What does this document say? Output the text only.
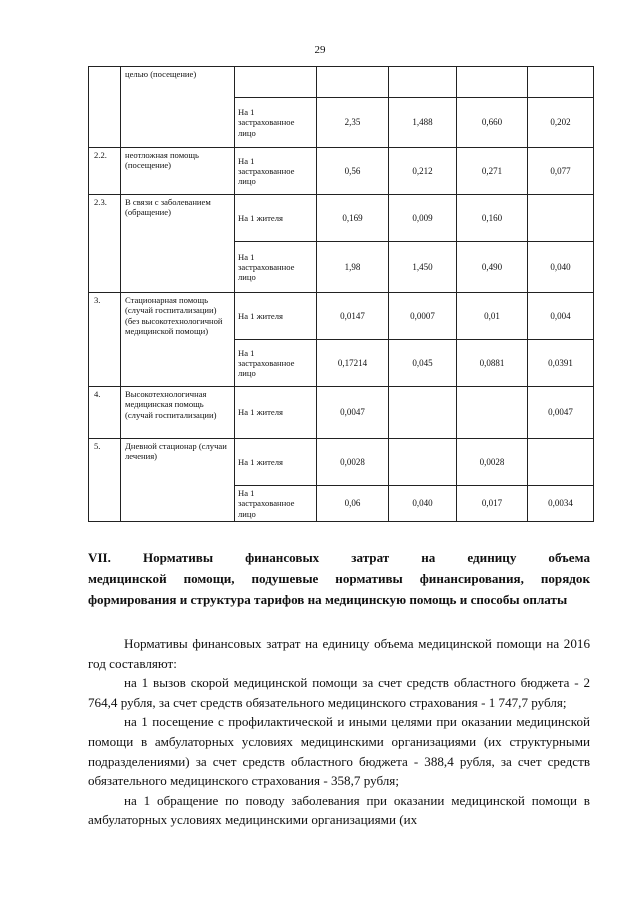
29
	целью (посещение)					
		На 1 застрахованное лицо	2,35	1,488	0,660	0,202
2.2.	неотложная помощь (посещение)	На 1 застрахованное лицо	0,56	0,212	0,271	0,077
2.3.	В связи с заболеванием (обращение)	На 1 жителя	0,169	0,009	0,160	
		На 1 застрахованное лицо	1,98	1,450	0,490	0,040
3.	Стационарная помощь (случай госпитализации) (без высокотехнологичной медицинской помощи)	На 1 жителя	0,0147	0,0007	0,01	0,004
		На 1 застрахованное лицо	0,17214	0,045	0,0881	0,0391
4.	Высокотехнологичная медицинская помощь (случай госпитализации)	На 1 жителя	0,0047			0,0047
5.	Дневной стационар (случаи лечения)	На 1 жителя	0,0028		0,0028	
		На 1 застрахованное лицо	0,06	0,040	0,017	0,0034

VII. Нормативы финансовых затрат на единицу объема

медицинской помощи, подушевые нормативы финансирования, порядок формирования и структура тарифов на медицинскую помощь и способы оплаты

Нормативы финансовых затрат на единицу объема медицинской помощи на 2016 год составляют:

на 1 вызов скорой медицинской помощи за счет средств областного бюджета - 2 764,4 рубля, за счет средств обязательного медицинского страхования - 1 747,7 рубля;

на 1 посещение с профилактической и иными целями при оказании медицинской помощи в амбулаторных условиях медицинскими организациями (их структурными подразделениями) за счет средств областного бюджета - 388,4 рубля, за счет средств обязательного медицинского страхования - 358,7 рубля;

на 1 обращение по поводу заболевания при оказании медицинской помощи в амбулаторных условиях медицинскими организациями (их
